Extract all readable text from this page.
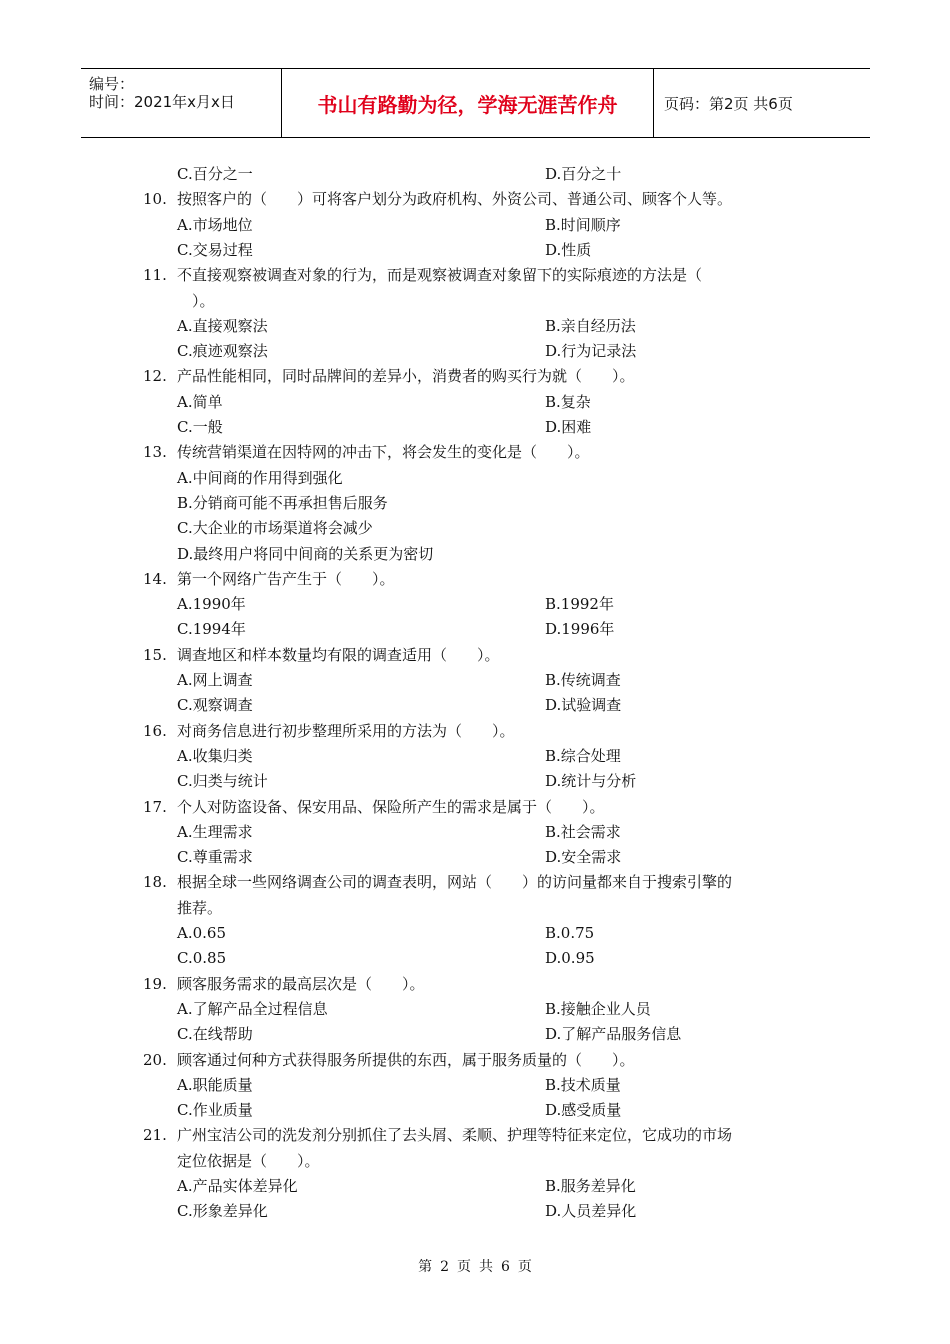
编号：
时间：2021年x月x日	书山有路勤为径，学海无涯苦作舟	页码：第2页 共6页
C.百分之一	D.百分之十
10. 按照客户的（　　）可将客户划分为政府机构、外资公司、普通公司、顾客个人等。
A.市场地位	B.时间顺序
C.交易过程	D.性质
11. 不直接观察被调查对象的行为，而是观察被调查对象留下的实际痕迹的方法是（
　）。
A.直接观察法	B.亲自经历法
C.痕迹观察法	D.行为记录法
12. 产品性能相同，同时品牌间的差异小，消费者的购买行为就（　　）。
A.简单	B.复杂
C.一般	D.困难
13. 传统营销渠道在因特网的冲击下，将会发生的变化是（　　）。
A.中间商的作用得到强化
B.分销商可能不再承担售后服务
C.大企业的市场渠道将会减少
D.最终用户将同中间商的关系更为密切
14. 第一个网络广告产生于（　　）。
A.1990年	B.1992年
C.1994年	D.1996年
15. 调查地区和样本数量均有限的调查适用（　　）。
A.网上调查	B.传统调查
C.观察调查	D.试验调查
16. 对商务信息进行初步整理所采用的方法为（　　）。
A.收集归类	B.综合处理
C.归类与统计	D.统计与分析
17. 个人对防盗设备、保安用品、保险所产生的需求是属于（　　）。
A.生理需求	B.社会需求
C.尊重需求	D.安全需求
18. 根据全球一些网络调查公司的调查表明，网站（　　）的访问量都来自于搜索引擎的
推荐。
A.0.65	B.0.75
C.0.85	D.0.95
19. 顾客服务需求的最高层次是（　　）。
A.了解产品全过程信息	B.接触企业人员
C.在线帮助	D.了解产品服务信息
20. 顾客通过何种方式获得服务所提供的东西，属于服务质量的（　　）。
A.职能质量	B.技术质量
C.作业质量	D.感受质量
21. 广州宝洁公司的洗发剂分别抓住了去头屑、柔顺、护理等特征来定位，它成功的市场
定位依据是（　　）。
A.产品实体差异化	B.服务差异化
C.形象差异化	D.人员差异化
第 2 页 共 6 页
